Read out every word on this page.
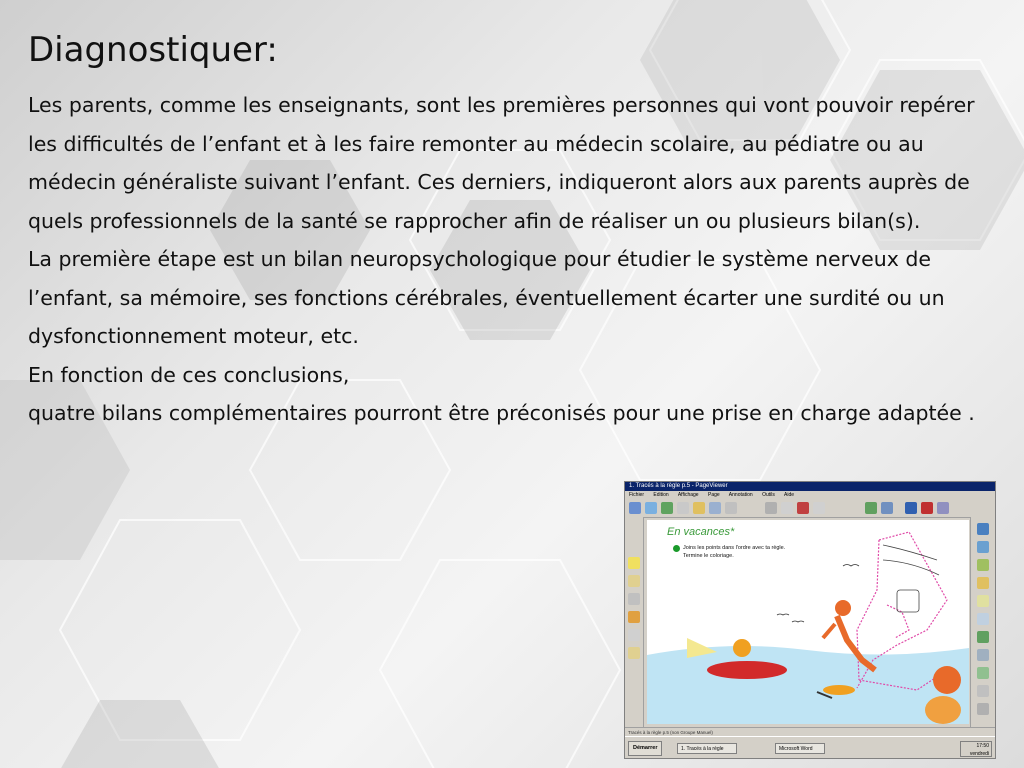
Diagnostiquer:

Les parents, comme les enseignants, sont les premières personnes qui vont pouvoir repérer les difficultés de l’enfant et à les faire remonter au médecin scolaire, au pédiatre ou au médecin généraliste suivant l’enfant. Ces derniers, indiqueront alors aux parents auprès de quels professionnels de la santé se rapprocher afin de réaliser un ou plusieurs bilan(s).

La première étape est un bilan neuropsychologique pour étudier le système nerveux de l’enfant, sa mémoire, ses fonctions cérébrales, éventuellement écarter une surdité ou un dysfonctionnement moteur, etc.

En fonction de ces conclusions,

quatre bilans complémentaires pourront être préconisés pour une prise en charge adaptée .

1. Tracés à la règle p.5 - PageViewer
Fichier Edition Affichage Page Annotation Outils Aide
En vacances*
Joins les points dans l'ordre avec ta règle.
Termine le coloriage.
Tracés à la règle p.5 (non Groupe Manuel)
Démarrer	1. Tracés à la règle	Microsoft Word	17:50
vendredi
